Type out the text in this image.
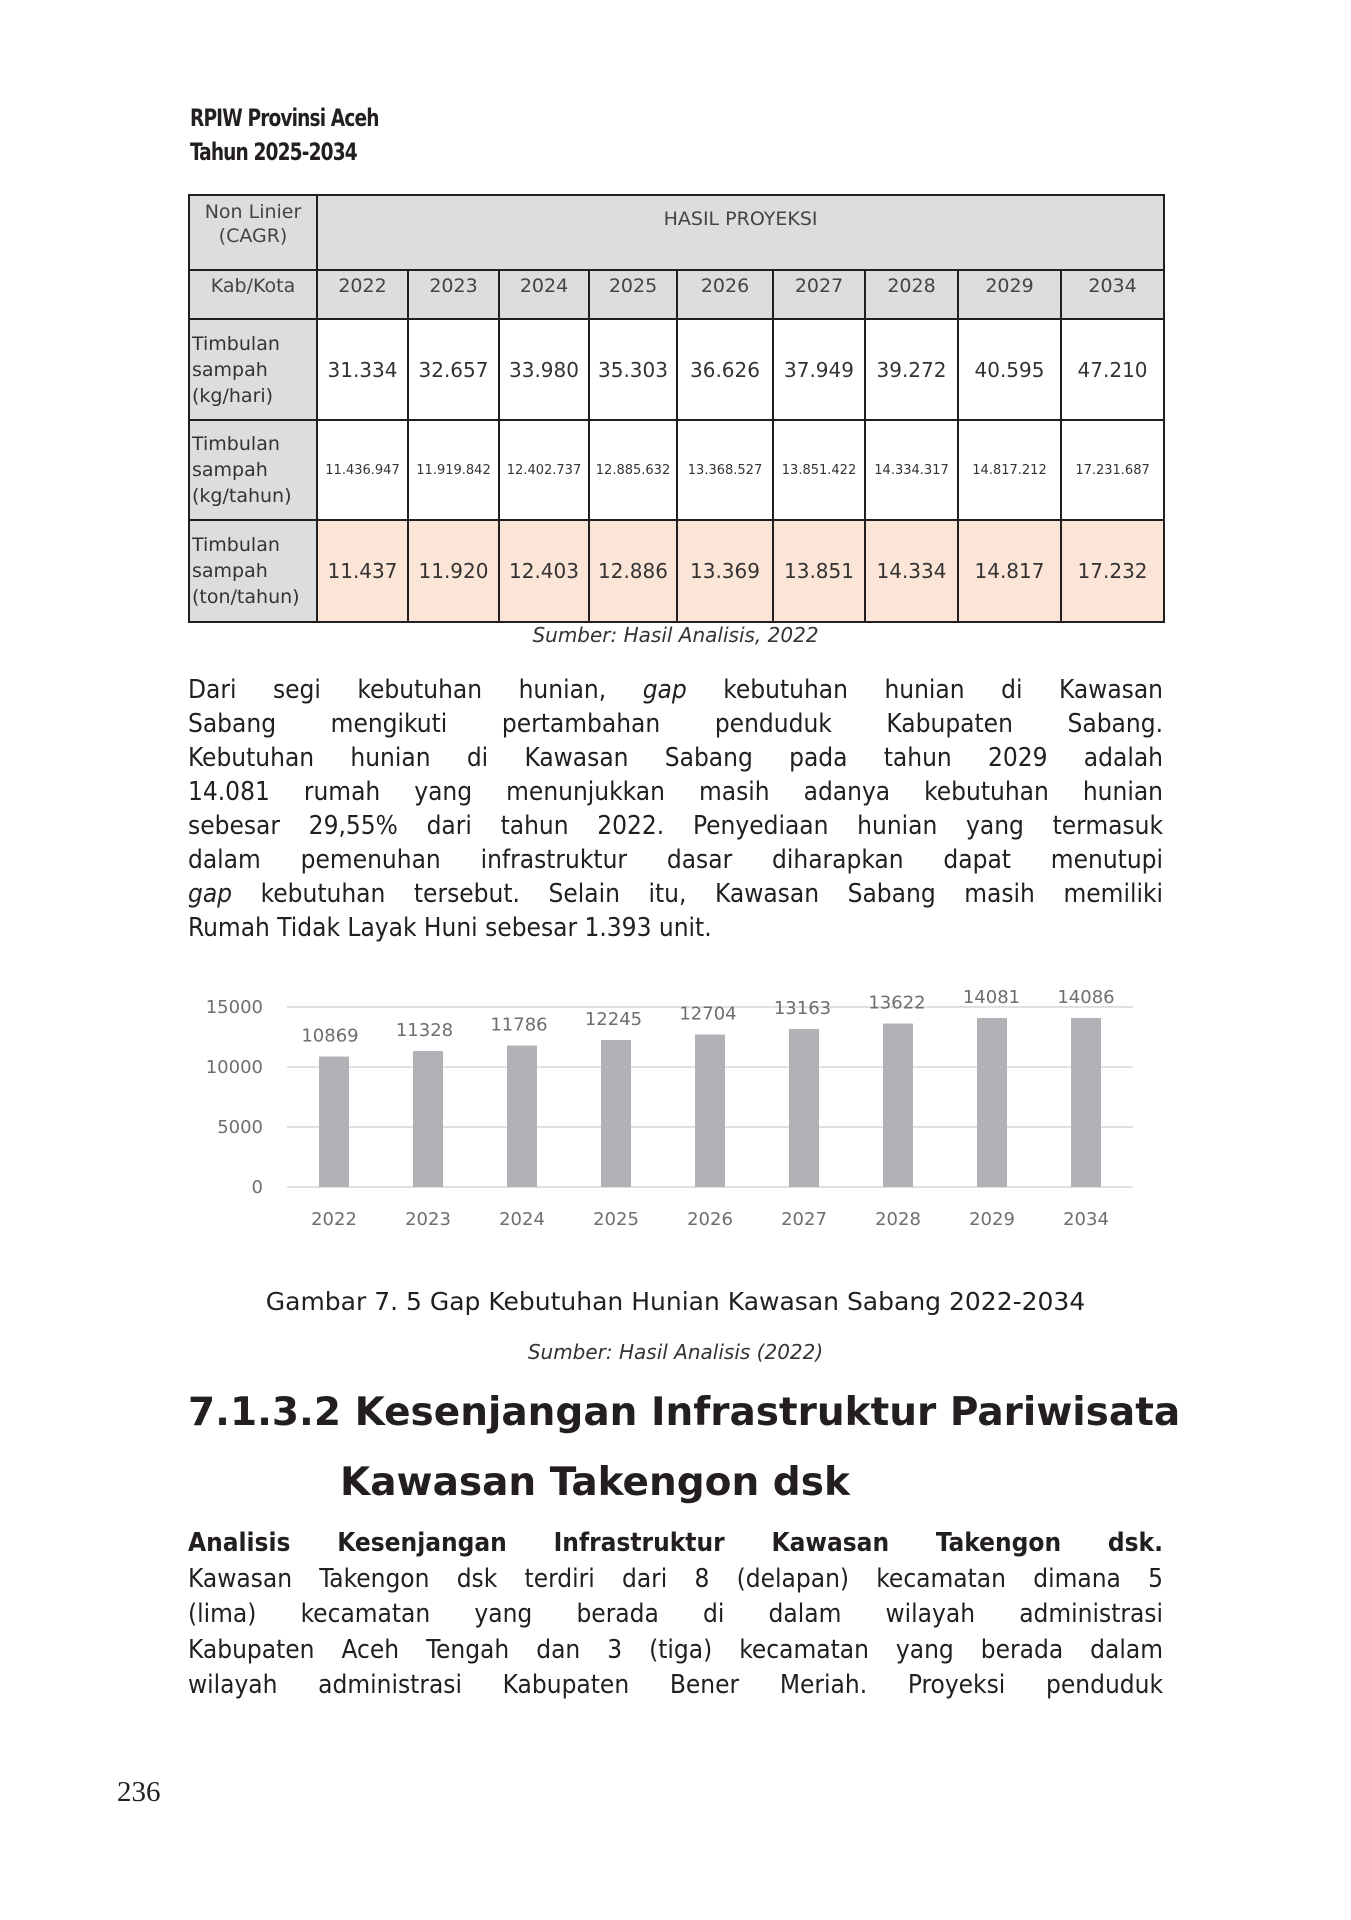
RPIW Provinsi Aceh
Tahun 2025-2034
Non Linier (CAGR)	HASIL PROYEKSI								
Kab/Kota	2022	2023	2024	2025	2026	2027	2028	2029	2034
Timbulan sampah (kg/hari)	31.334	32.657	33.980	35.303	36.626	37.949	39.272	40.595	47.210
Timbulan sampah (kg/tahun)	11.436.947	11.919.842	12.402.737	12.885.632	13.368.527	13.851.422	14.334.317	14.817.212	17.231.687
Timbulan sampah (ton/tahun)	11.437	11.920	12.403	12.886	13.369	13.851	14.334	14.817	17.232
Sumber: Hasil Analisis, 2022
Dari segi kebutuhan hunian, gap kebutuhan hunian di Kawasan
Sabang mengikuti pertambahan penduduk Kabupaten Sabang.
Kebutuhan hunian di Kawasan Sabang pada tahun 2029 adalah
14.081 rumah yang menunjukkan masih adanya kebutuhan hunian
sebesar 29,55% dari tahun 2022. Penyediaan hunian yang termasuk
dalam pemenuhan infrastruktur dasar diharapkan dapat menutupi
gap kebutuhan tersebut. Selain itu, Kawasan Sabang masih memiliki
Rumah Tidak Layak Huni sebesar 1.393 unit.
0
5000
10000
15000
10869
2022
11328
2023
11786
2024
12245
2025
12704
2026
13163
2027
13622
2028
14081
2029
14086
2034
Gambar 7. 5 Gap Kebutuhan Hunian Kawasan Sabang 2022-2034
Sumber: Hasil Analisis (2022)
7.1.3.2 Kesenjangan Infrastruktur Pariwisata
Kawasan Takengon dsk
Analisis Kesenjangan Infrastruktur Kawasan Takengon dsk.
Kawasan Takengon dsk terdiri dari 8 (delapan) kecamatan dimana 5
(lima) kecamatan yang berada di dalam wilayah administrasi
Kabupaten Aceh Tengah dan 3 (tiga) kecamatan yang berada dalam
wilayah administrasi Kabupaten Bener Meriah. Proyeksi penduduk
236
